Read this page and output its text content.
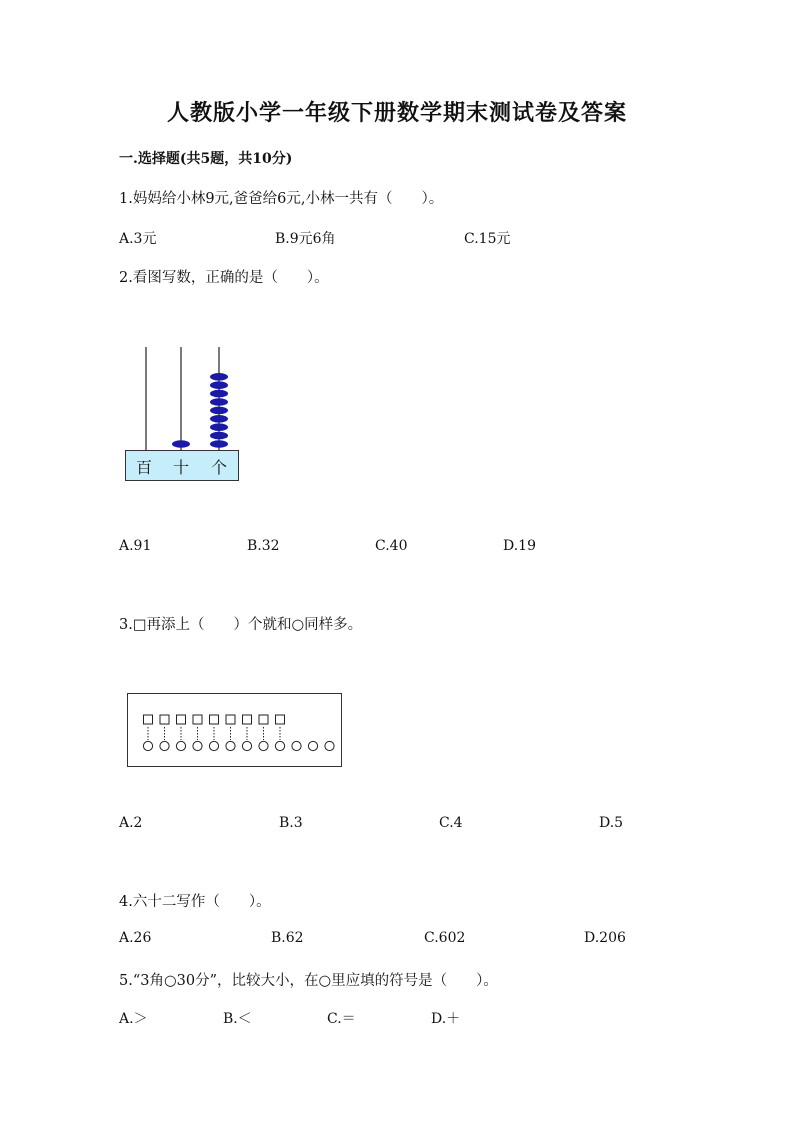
人教版小学一年级下册数学期末测试卷及答案
一.选择题(共5题，共10分)
1.妈妈给小林9元,爸爸给6元,小林一共有（　　）。
A.3元	B.9元6角	C.15元
2.看图写数，正确的是（　　）。
百 十 个
A.91	B.32	C.40	D.19
3.□再添上（　　）个就和○同样多。
A.2	B.3	C.4	D.5
4.六十二写作（　　）。
A.26	B.62	C.602	D.206
5.“3角○30分”，比较大小，在○里应填的符号是（　　）。
A.＞	B.＜	C.＝	D.＋
